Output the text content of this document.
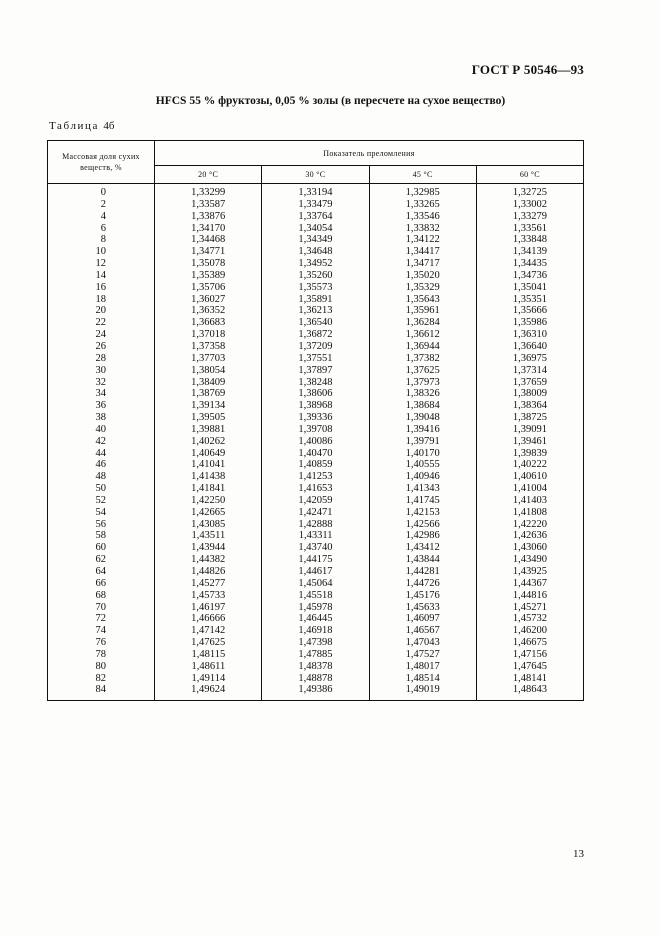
ГОСТ Р 50546—93
HFCS 55 % фруктозы, 0,05 % золы (в пересчете на сухое вещество)
Таблица 4б
Массовая доля сухих веществ, %	Показатель преломления			
	20 °C	30 °C	45 °C	60 °C
0	1,33299	1,33194	1,32985	1,32725
2	1,33587	1,33479	1,33265	1,33002
4	1,33876	1,33764	1,33546	1,33279
6	1,34170	1,34054	1,33832	1,33561
8	1,34468	1,34349	1,34122	1,33848
10	1,34771	1,34648	1,34417	1,34139
12	1,35078	1,34952	1,34717	1,34435
14	1,35389	1,35260	1,35020	1,34736
16	1,35706	1,35573	1,35329	1,35041
18	1,36027	1,35891	1,35643	1,35351
20	1,36352	1,36213	1,35961	1,35666
22	1,36683	1,36540	1,36284	1,35986
24	1,37018	1,36872	1,36612	1,36310
26	1,37358	1,37209	1,36944	1,36640
28	1,37703	1,37551	1,37382	1,36975
30	1,38054	1,37897	1,37625	1,37314
32	1,38409	1,38248	1,37973	1,37659
34	1,38769	1,38606	1,38326	1,38009
36	1,39134	1,38968	1,38684	1,38364
38	1,39505	1,39336	1,39048	1,38725
40	1,39881	1,39708	1,39416	1,39091
42	1,40262	1,40086	1,39791	1,39461
44	1,40649	1,40470	1,40170	1,39839
46	1,41041	1,40859	1,40555	1,40222
48	1,41438	1,41253	1,40946	1,40610
50	1,41841	1,41653	1,41343	1,41004
52	1,42250	1,42059	1,41745	1,41403
54	1,42665	1,42471	1,42153	1,41808
56	1,43085	1,42888	1,42566	1,42220
58	1,43511	1,43311	1,42986	1,42636
60	1,43944	1,43740	1,43412	1,43060
62	1,44382	1,44175	1,43844	1,43490
64	1,44826	1,44617	1,44281	1,43925
66	1,45277	1,45064	1,44726	1,44367
68	1,45733	1,45518	1,45176	1,44816
70	1,46197	1,45978	1,45633	1,45271
72	1,46666	1,46445	1,46097	1,45732
74	1,47142	1,46918	1,46567	1,46200
76	1,47625	1,47398	1,47043	1,46675
78	1,48115	1,47885	1,47527	1,47156
80	1,48611	1,48378	1,48017	1,47645
82	1,49114	1,48878	1,48514	1,48141
84	1,49624	1,49386	1,49019	1,48643
13
